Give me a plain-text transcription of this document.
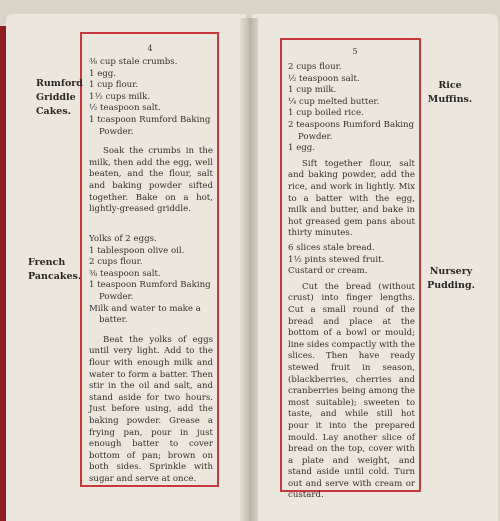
4
Rumford
Griddle
Cakes.

⅜ cup stale crumbs.

1 egg.

1 cup flour.

1½ cups milk.

½ teaspoon salt.

1 tcaspoon Rumford Baking Powder.

Soak the crumbs in the milk, then add the egg, well beaten, and the flour, salt and baking powder sifted together. Bake on a hot, lightly-greased griddle.

French
Pancakes.

Yolks of 2 eggs.

1 tablespoon olive oil.

2 cups flour.

⅜ teaspoon salt.

1 teaspoon Rumford Baking Powder.

Milk and water to make a batter.

Beat the yolks of eggs until very light. Add to the flour with enough milk and water to form a batter. Then stir in the oil and salt, and stand aside for two hours. Just before using, add the baking powder. Grease a frying pan, pour in just enough batter to cover bottom of pan; brown on both sides. Sprinkle with sugar and serve at once.

5
Rice
Muffins.

2 cups flour.

½ teaspoon salt.

1 cup milk.

¼ cup melted butter.

1 cup boiled rice.

2 teaspoons Rumford Baking Powder.

1 egg.

Sift together flour, salt and baking powder, add the rice, and work in lightly. Mix to a batter with the egg, milk and butter, and bake in hot greased gem pans about thirty minutes.

Nursery
Pudding.

6 slices stale bread.

1½ pints stewed fruit.

Custard or cream.

Cut the bread (without crust) into finger lengths. Cut a small round of the bread and place at the bottom of a bowl or mould; line sides compactly with the slices. Then have ready stewed fruit in season, (blackberries, cherries and cranberries being among the most suitable); sweeten to taste, and while still hot pour it into the prepared mould. Lay another slice of bread on the top, cover with a plate and weight, and stand aside until cold. Turn out and serve with cream or custard.
